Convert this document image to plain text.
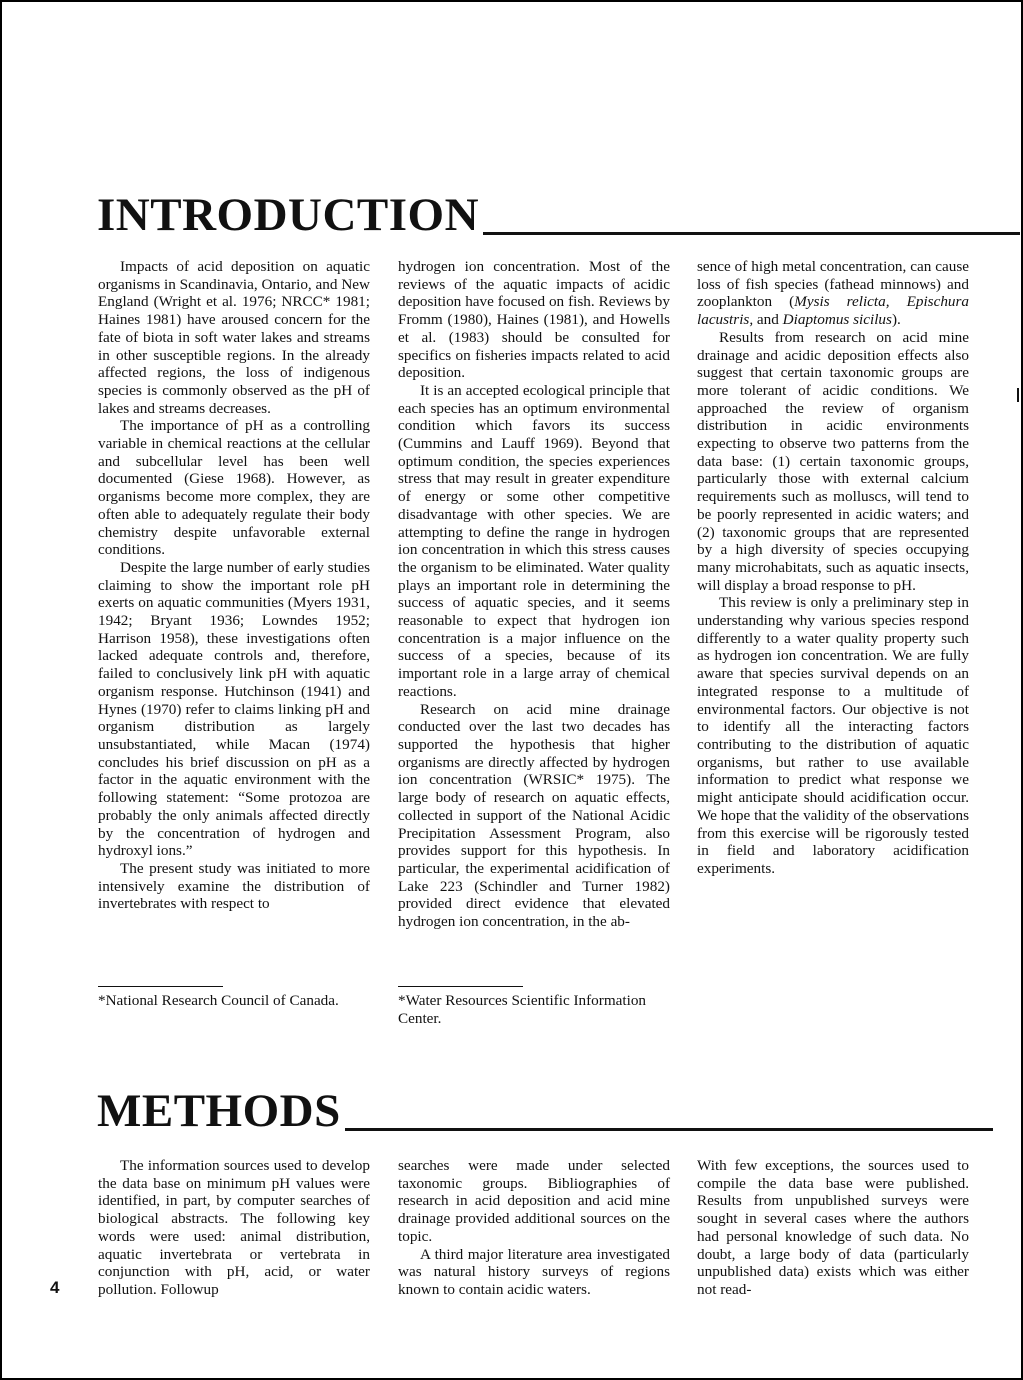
INTRODUCTION

Impacts of acid deposition on aquatic organisms in Scandinavia, Ontario, and New England (Wright et al. 1976; NRCC* 1981; Haines 1981) have aroused concern for the fate of biota in soft water lakes and streams in other susceptible regions. In the already affected regions, the loss of indigenous species is commonly observed as the pH of lakes and streams decreases.

The importance of pH as a controlling variable in chemical reactions at the cellular and subcellular level has been well documented (Giese 1968). However, as organisms become more complex, they are often able to adequately regulate their body chemistry despite unfavorable external conditions.

Despite the large number of early studies claiming to show the important role pH exerts on aquatic communities (Myers 1931, 1942; Bryant 1936; Lowndes 1952; Harrison 1958), these investigations often lacked adequate controls and, therefore, failed to conclusively link pH with aquatic organism response. Hutchinson (1941) and Hynes (1970) refer to claims linking pH and organism distribution as largely unsubstantiated, while Macan (1974) concludes his brief discussion on pH as a factor in the aquatic environment with the following statement: “Some protozoa are probably the only animals affected directly by the concentration of hydrogen and hydroxyl ions.”

The present study was initiated to more intensively examine the distribution of invertebrates with respect to

hydrogen ion concentration. Most of the reviews of the aquatic impacts of acidic deposition have focused on fish. Reviews by Fromm (1980), Haines (1981), and Howells et al. (1983) should be consulted for specifics on fisheries impacts related to acid deposition.

It is an accepted ecological principle that each species has an optimum environmental condition which favors its success (Cummins and Lauff 1969). Beyond that optimum condition, the species experiences stress that may result in greater expenditure of energy or some other competitive disadvantage with other species. We are attempting to define the range in hydrogen ion concentration in which this stress causes the organism to be eliminated. Water quality plays an important role in determining the success of aquatic species, and it seems reasonable to expect that hydrogen ion concentration is a major influence on the success of a species, because of its important role in a large array of chemical reactions.

Research on acid mine drainage conducted over the last two decades has supported the hypothesis that higher organisms are directly affected by hydrogen ion concentration (WRSIC* 1975). The large body of research on aquatic effects, collected in support of the National Acidic Precipitation Assessment Program, also provides support for this hypothesis. In particular, the experimental acidification of Lake 223 (Schindler and Turner 1982) provided direct evidence that elevated hydrogen ion concentration, in the ab-

sence of high metal concentration, can cause loss of fish species (fathead minnows) and zooplankton (Mysis relicta, Epischura lacustris, and Diaptomus sicilus).

Results from research on acid mine drainage and acidic deposition effects also suggest that certain taxonomic groups are more tolerant of acidic conditions. We approached the review of organism distribution in acidic environments expecting to observe two patterns from the data base: (1) certain taxonomic groups, particularly those with external calcium requirements such as molluscs, will tend to be poorly represented in acidic waters; and (2) taxonomic groups that are represented by a high diversity of species occupying many microhabitats, such as aquatic insects, will display a broad response to pH.

This review is only a preliminary step in understanding why various species respond differently to a water quality property such as hydrogen ion concentration. We are fully aware that species survival depends on an integrated response to a multitude of environmental factors. Our objective is not to identify all the interacting factors contributing to the distribution of aquatic organisms, but rather to use available information to predict what response we might anticipate should acidification occur. We hope that the validity of the observations from this exercise will be rigorously tested in field and laboratory acidification experiments.

*National Research Council of Canada.	*Water Resources Scientific Information Center.
METHODS

The information sources used to develop the data base on minimum pH values were identified, in part, by computer searches of biological abstracts. The following key words were used: animal distribution, aquatic invertebrata or vertebrata in conjunction with pH, acid, or water pollution. Followup

searches were made under selected taxonomic groups. Bibliographies of research in acid deposition and acid mine drainage provided additional sources on the topic.

A third major literature area investigated was natural history surveys of regions known to contain acidic waters.

With few exceptions, the sources used to compile the data base were published. Results from unpublished surveys were sought in several cases where the authors had personal knowledge of such data. No doubt, a large body of data (particularly unpublished data) exists which was either not read-

4
